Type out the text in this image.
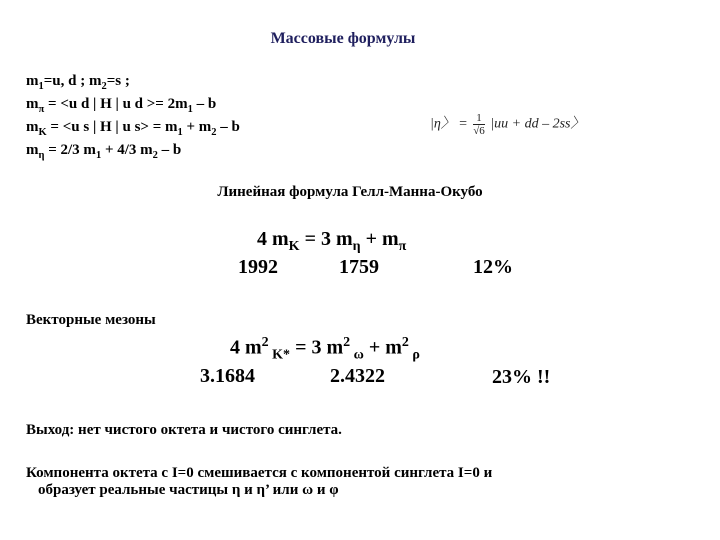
Массовые формулы
$m_1=u$, d ; $m_2=s$ ;
$m_\pi = <u$ d | H | u $d >= 2m_1 - b$
$m_K = <u$ s | H | u $s> = m_1 + m_2 - b$
$m_\eta = 2/3$ $m_1 + 4/3$ $m_2$ – b
|η〉 = $\frac{1}{√6} |uu$ + dd – 2ss〉
Линейная формула Гелл-Манна-Окубо
4 $m_K = 3$ $m_\eta + m_\pi$
1992	1759	12%
Векторные мезоны
4 $m^2$ $_{K*}$ = 3 $m^2$ $_\omega + m^2$ $_\rho$
3.1684	2.4322	23% !!
Выход: нет чистого октета и чистого синглета.
Компонента октета с I=0 смешивается с компонентой синглета I=0 и
образует реальные частицы η и η’ или ω и φ
